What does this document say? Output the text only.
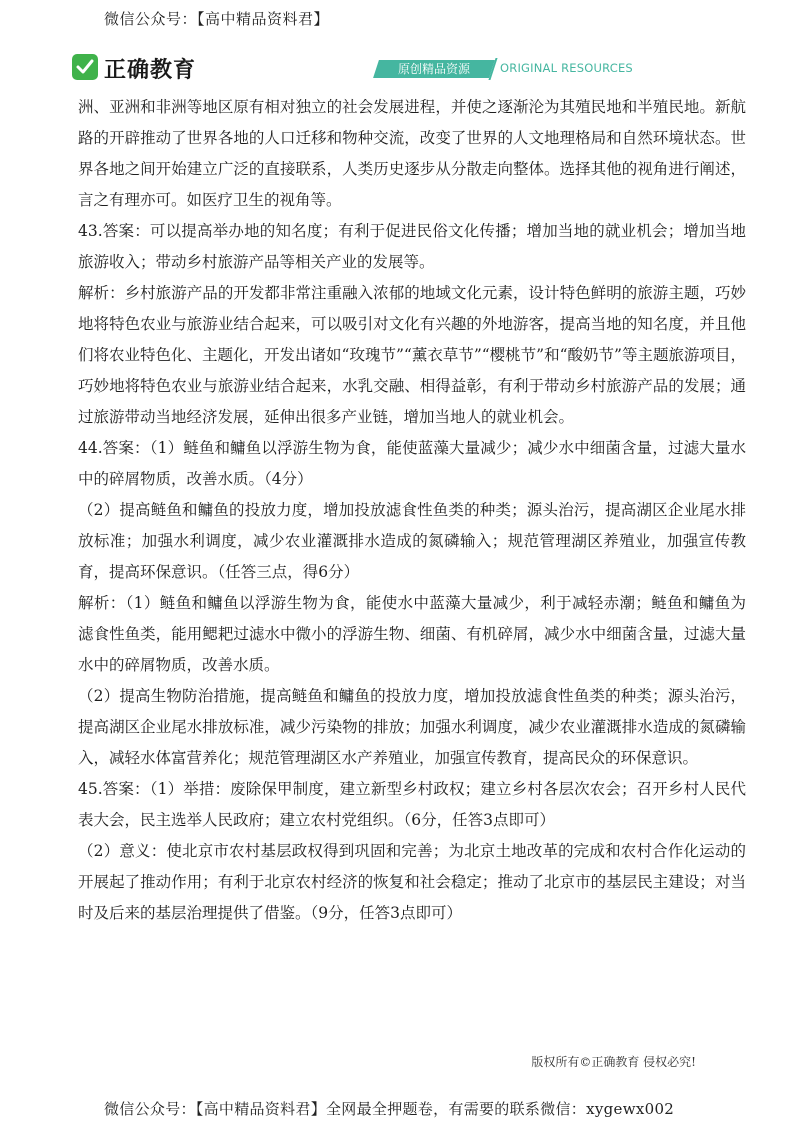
微信公众号：【高中精品资料君】
正确教育	原创精品资源	ORIGINAL RESOURCES

洲、亚洲和非洲等地区原有相对独立的社会发展进程，并使之逐渐沦为其殖民地和半殖民地。新航路的开辟推动了世界各地的人口迁移和物种交流，改变了世界的人文地理格局和自然环境状态。世界各地之间开始建立广泛的直接联系，人类历史逐步从分散走向整体。选择其他的视角进行阐述，言之有理亦可。如医疗卫生的视角等。

43.答案：可以提高举办地的知名度；有利于促进民俗文化传播；增加当地的就业机会；增加当地旅游收入；带动乡村旅游产品等相关产业的发展等。

解析：乡村旅游产品的开发都非常注重融入浓郁的地域文化元素，设计特色鲜明的旅游主题，巧妙地将特色农业与旅游业结合起来，可以吸引对文化有兴趣的外地游客，提高当地的知名度，并且他们将农业特色化、主题化，开发出诸如“玫瑰节”“薰衣草节”“樱桃节”和“酸奶节”等主题旅游项目，巧妙地将特色农业与旅游业结合起来，水乳交融、相得益彰，有利于带动乡村旅游产品的发展；通过旅游带动当地经济发展，延伸出很多产业链，增加当地人的就业机会。

44.答案：（1）鲢鱼和鳙鱼以浮游生物为食，能使蓝藻大量减少；减少水中细菌含量，过滤大量水中的碎屑物质，改善水质。（4分）

（2）提高鲢鱼和鳙鱼的投放力度，增加投放滤食性鱼类的种类；源头治污，提高湖区企业尾水排放标准；加强水利调度，减少农业灌溉排水造成的氮磷输入；规范管理湖区养殖业，加强宣传教育，提高环保意识。（任答三点，得6分）

解析：（1）鲢鱼和鳙鱼以浮游生物为食，能使水中蓝藻大量减少，利于减轻赤潮；鲢鱼和鳙鱼为滤食性鱼类，能用鳃耙过滤水中微小的浮游生物、细菌、有机碎屑，减少水中细菌含量，过滤大量水中的碎屑物质，改善水质。

（2）提高生物防治措施，提高鲢鱼和鳙鱼的投放力度，增加投放滤食性鱼类的种类；源头治污，提高湖区企业尾水排放标准，减少污染物的排放；加强水利调度，减少农业灌溉排水造成的氮磷输入，减轻水体富营养化；规范管理湖区水产养殖业，加强宣传教育，提高民众的环保意识。

45.答案：（1）举措：废除保甲制度，建立新型乡村政权；建立乡村各层次农会；召开乡村人民代表大会，民主选举人民政府；建立农村党组织。（6分，任答3点即可）

（2）意义：使北京市农村基层政权得到巩固和完善；为北京土地改革的完成和农村合作化运动的开展起了推动作用；有利于北京农村经济的恢复和社会稳定；推动了北京市的基层民主建设；对当时及后来的基层治理提供了借鉴。（9分，任答3点即可）

版权所有©正确教育 侵权必究!
微信公众号：【高中精品资料君】全网最全押题卷，有需要的联系微信：xygewx002
